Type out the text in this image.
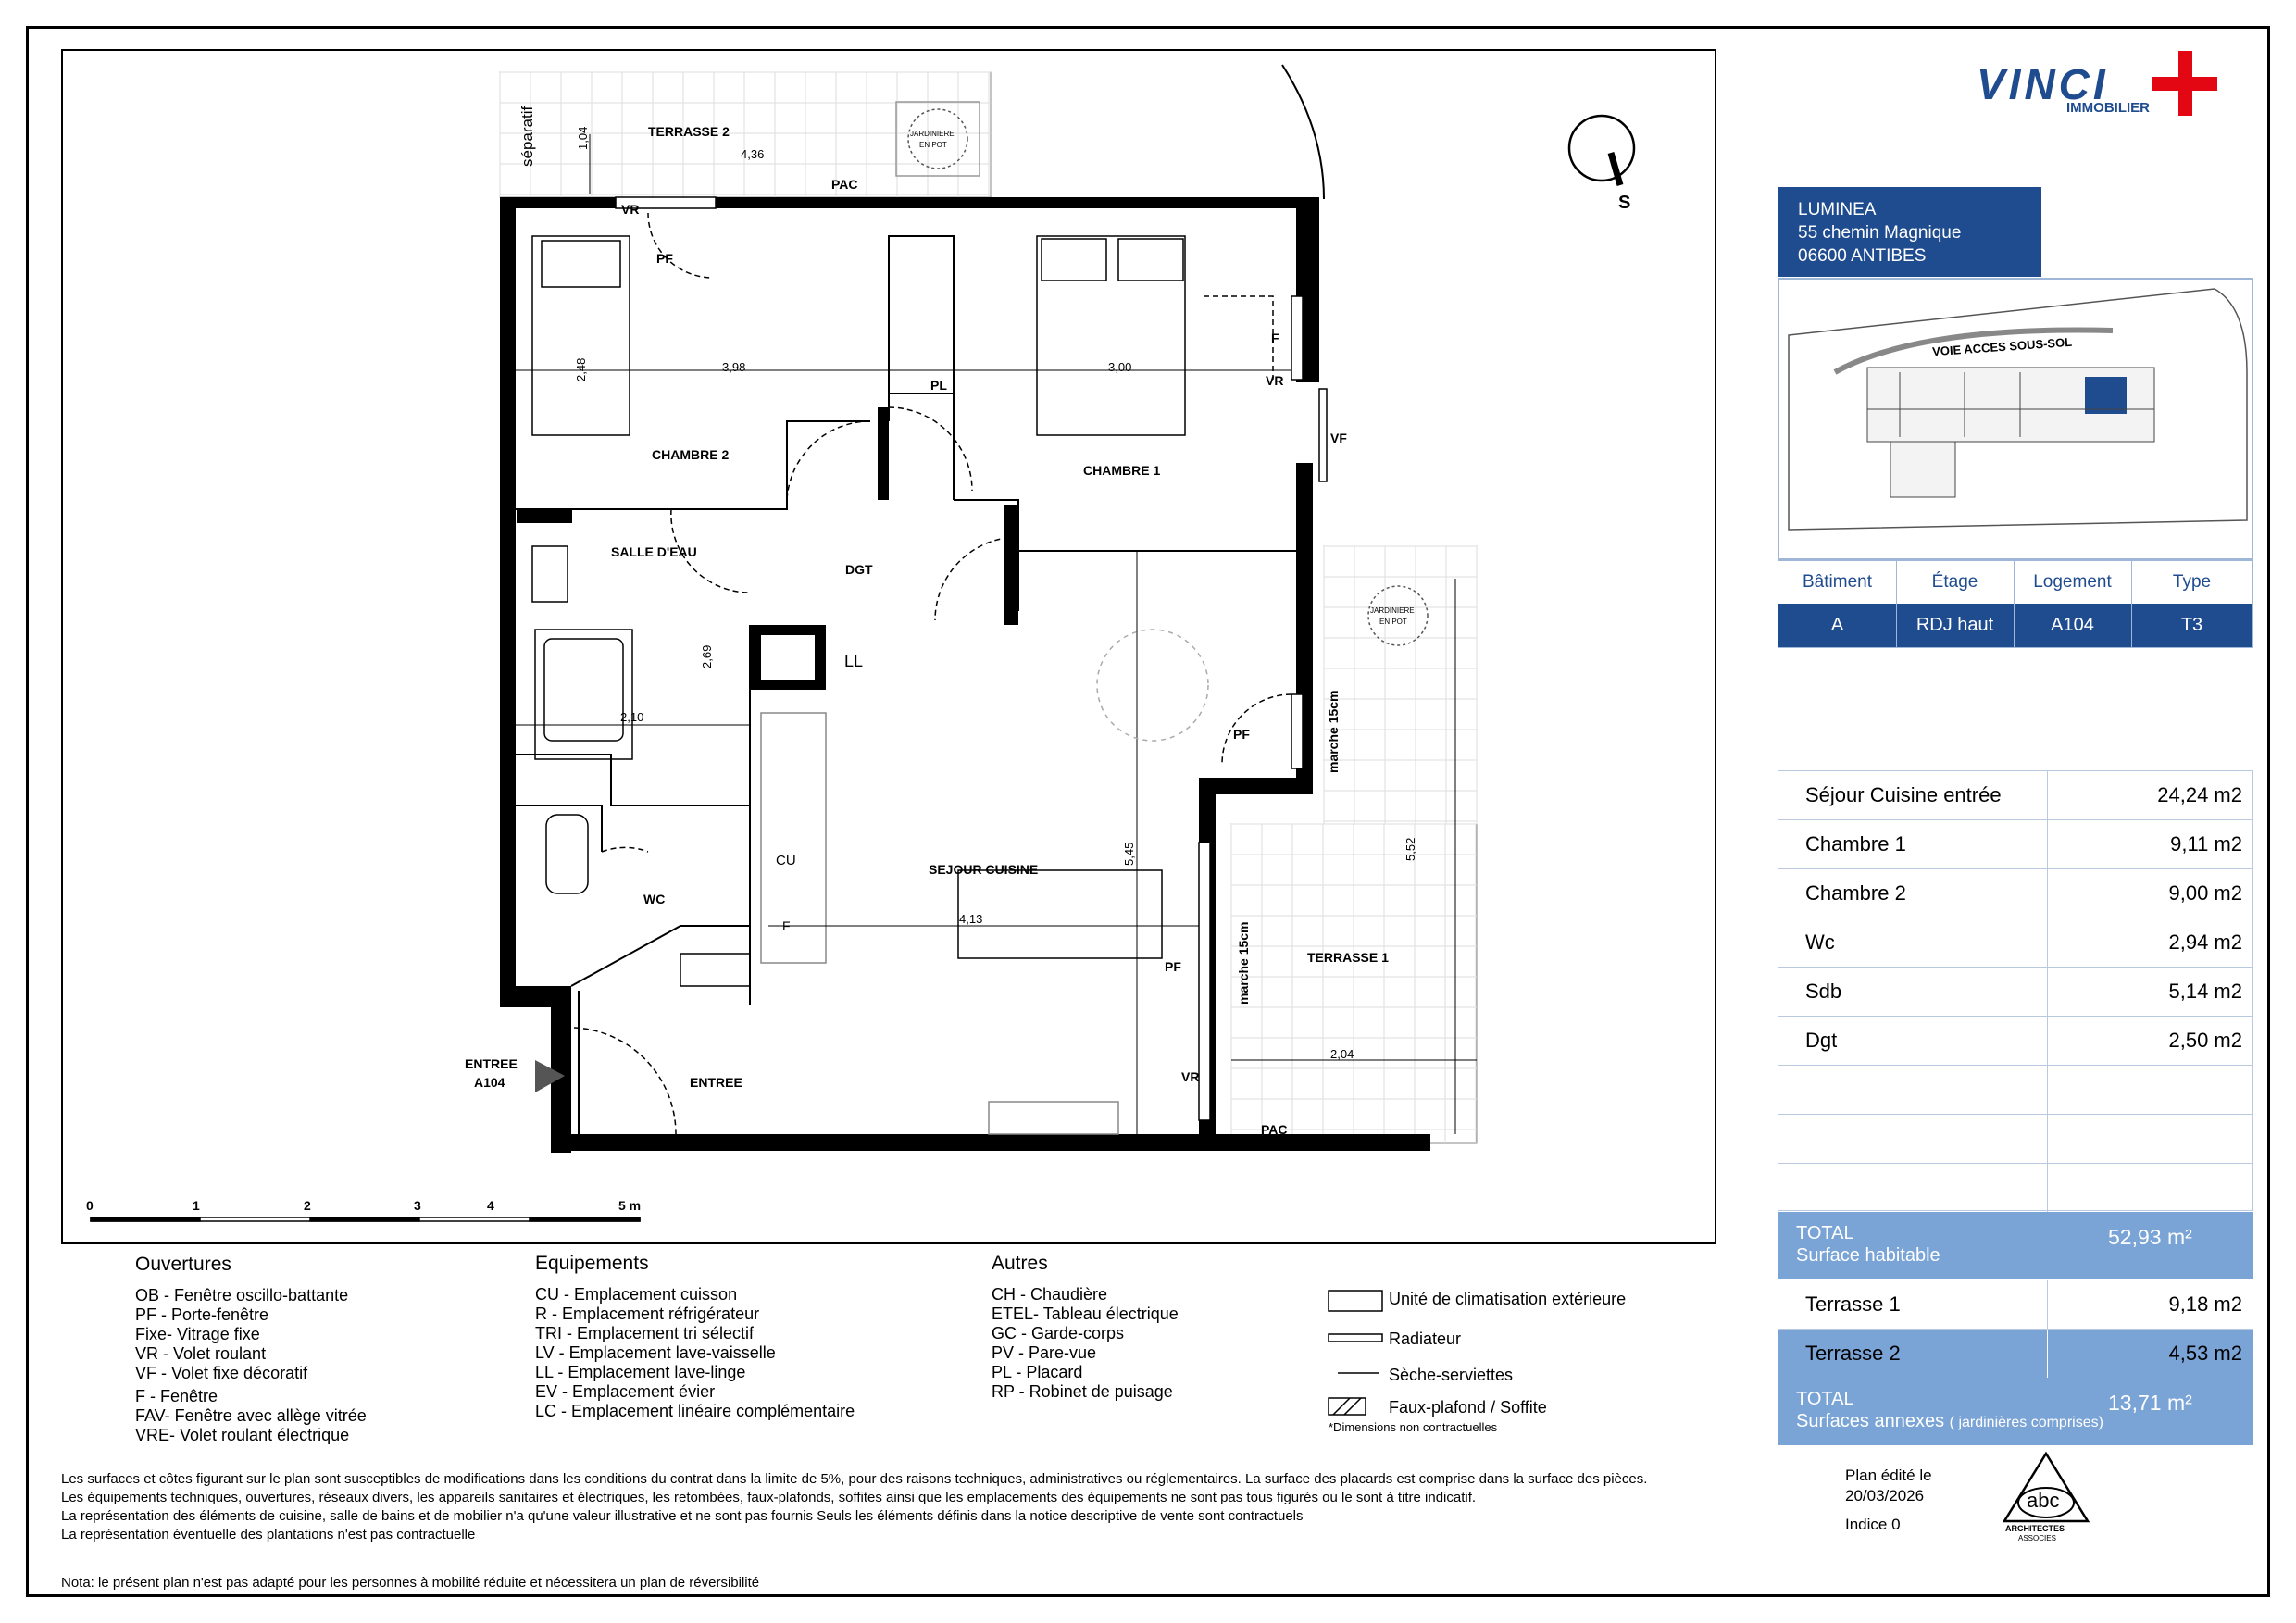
TERRASSE 2
CHAMBRE 2
CHAMBRE 1
SALLE D'EAU
DGT
WC
SEJOUR CUISINE
TERRASSE 1
ENTREE
ENTREE
A104
séparatif
PAC
PAC
VR
VR
VR
PF
PF
PF
F
VF
PL
LL
CU
F
marche 15cm
marche 15cm
JARDINIERE
EN POT
JARDINIERE
EN POT
1,04
4,36
2,48	3,98	3,00
2,69
2,10
5,45
4,13
5,52
2,04
S
0	1	2	3	4	5 m
VINCI
IMMOBILIER
LUMINEA
55 chemin Magnique
06600 ANTIBES
VOIE ACCES SOUS-SOL
Bâtiment	Étage	Logement	Type
A	RDJ haut	A104	T3
Séjour Cuisine entrée	24,24 m2
Chambre 1	9,11 m2
Chambre 2	9,00 m2
Wc	2,94 m2
Sdb	5,14 m2
Dgt	2,50 m2
TOTAL
Surface habitable
52,93 m²
Terrasse 1	9,18 m2
Terrasse 2	4,53 m2
TOTAL
Surfaces annexes ( jardinières comprises)
13,71 m²
Ouvertures
OB - Fenêtre oscillo-battante
PF - Porte-fenêtre
Fixe- Vitrage fixe
VR - Volet roulant
VF - Volet fixe décoratif
F - Fenêtre
FAV- Fenêtre avec allège vitrée
VRE- Volet roulant électrique
Equipements
CU - Emplacement cuisson
R - Emplacement réfrigérateur
TRI - Emplacement tri sélectif
LV - Emplacement lave-vaisselle
LL - Emplacement lave-linge
EV - Emplacement évier
LC - Emplacement linéaire complémentaire
Autres
CH - Chaudière
ETEL- Tableau électrique
GC - Garde-corps
PV - Pare-vue
PL - Placard
RP - Robinet de puisage
Unité de climatisation extérieure
Radiateur
Sèche-serviettes
Faux-plafond / Soffite
*Dimensions non contractuelles
Les surfaces et côtes figurant sur le plan sont susceptibles de modifications dans les conditions du contrat dans la limite de 5%, pour des raisons techniques, administratives ou réglementaires. La surface des placards est comprise dans la surface des pièces.
Les équipements techniques, ouvertures, réseaux divers, les appareils sanitaires et électriques, les retombées, faux-plafonds, soffites ainsi que les emplacements des équipements ne sont pas tous figurés ou le sont à titre indicatif.
La représentation des éléments de cuisine, salle de bains et de mobilier n'a qu'une valeur illustrative et ne sont pas fournis Seuls les éléments définis dans la notice descriptive de vente sont contractuels
La représentation éventuelle des plantations n'est pas contractuelle
Nota: le présent plan n'est pas adapté pour les personnes à mobilité réduite et nécessitera un plan de réversibilité
Plan édité le
20/03/2026
Indice 0
abc
ARCHITECTES
ASSOCIES
